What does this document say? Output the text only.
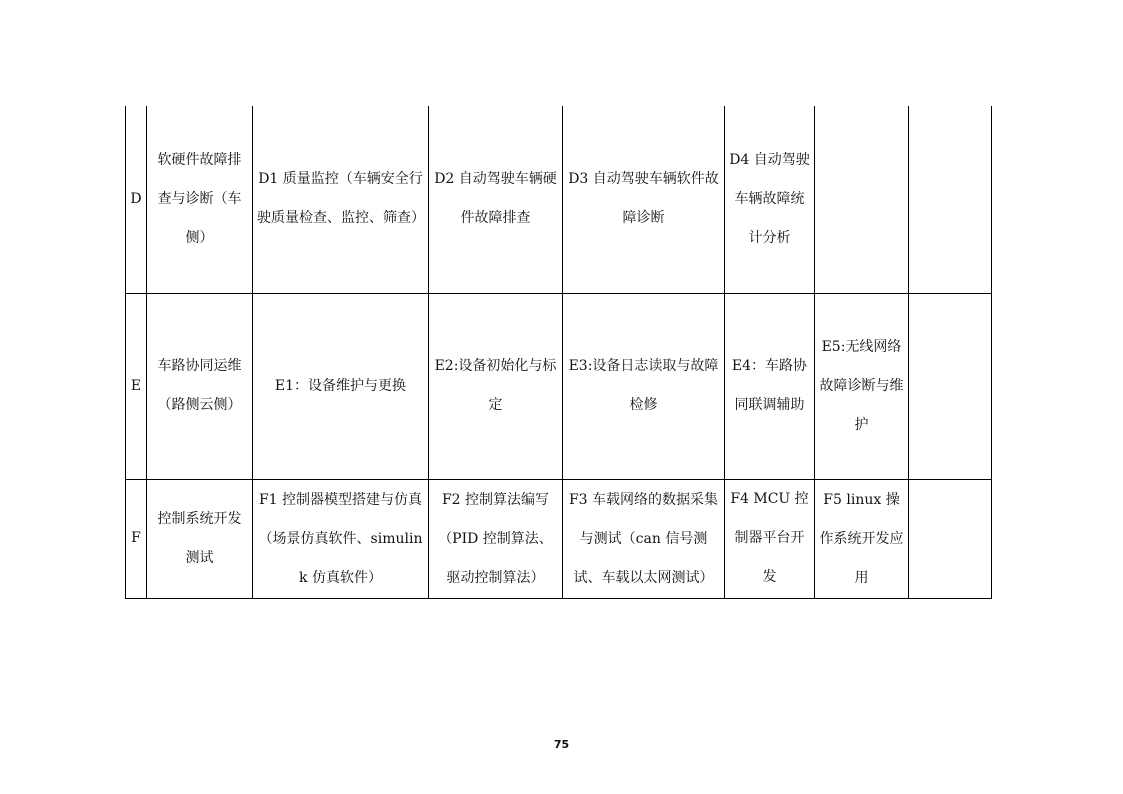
D	软硬件故障排查与诊断（车侧）	D1 质量监控（车辆安全行驶质量检查、监控、筛查）	D2 自动驾驶车辆硬件故障排查	D3 自动驾驶车辆软件故障诊断	D4 自动驾驶车辆故障统计分析		
E	车路协同运维（路侧云侧）	E1：设备维护与更换	E2:设备初始化与标定	E3:设备日志读取与故障检修	E4：车路协同联调辅助	E5:无线网络故障诊断与维护	
F	控制系统开发测试	F1 控制器模型搭建与仿真（场景仿真软件、simulink 仿真软件）	F2 控制算法编写（PID 控制算法、驱动控制算法）	F3 车载网络的数据采集与测试（can 信号测试、车载以太网测试）	F4 MCU 控制器平台开发	F5 linux 操作系统开发应用	
75
